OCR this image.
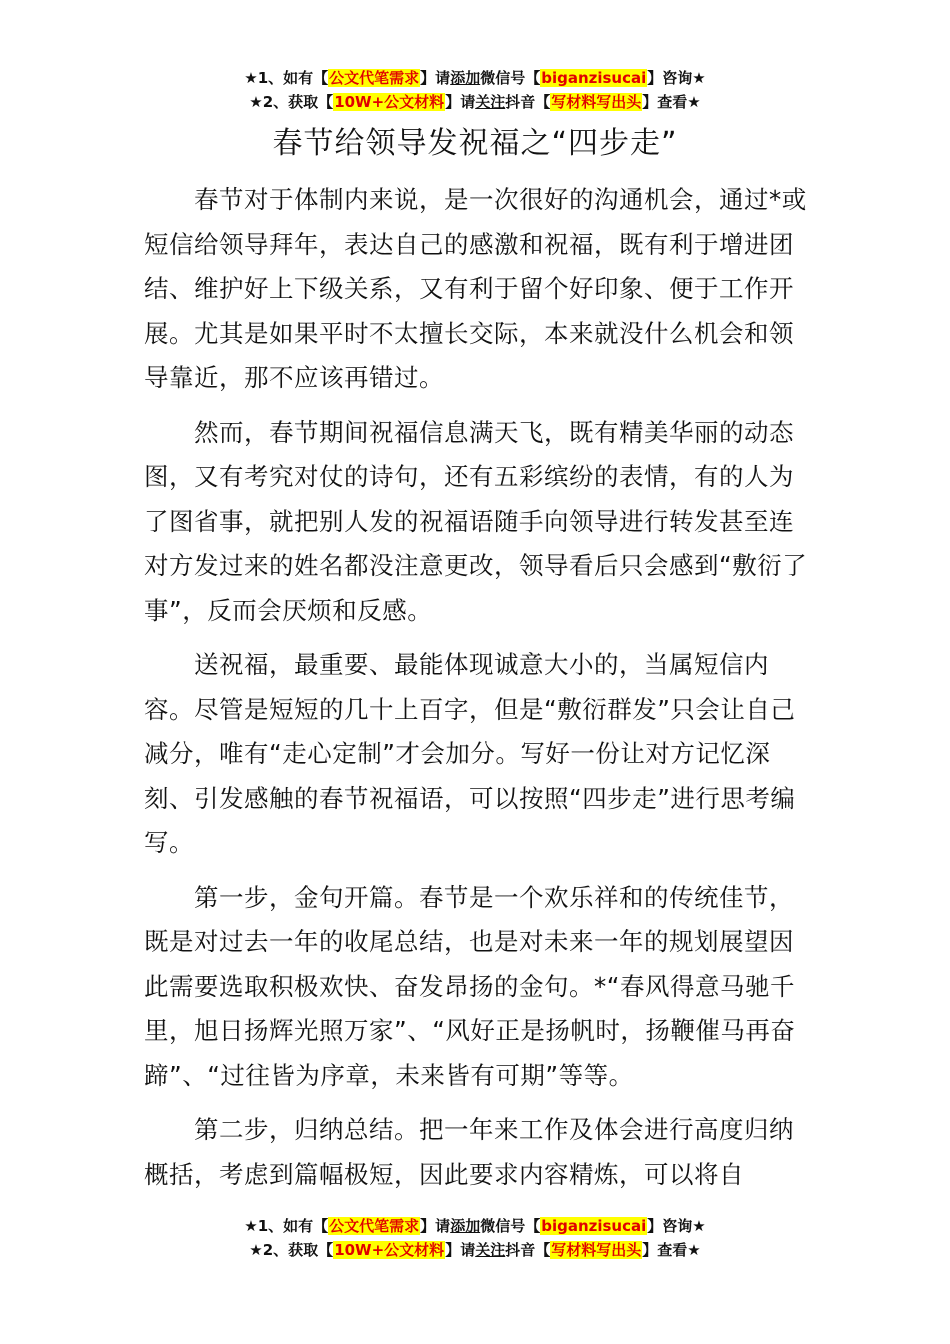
★1、如有【公文代笔需求】请添加微信号【biganzisucai】咨询★
★2、获取【10W+公文材料】请关注抖音【写材料写出头】查看★
春节给领导发祝福之“四步走”

春节对于体制内来说，是一次很好的沟通机会，通过*或短信给领导拜年，表达自己的感激和祝福，既有利于增进团结、维护好上下级关系，又有利于留个好印象、便于工作开展。尤其是如果平时不太擅长交际，本来就没什么机会和领导靠近，那不应该再错过。

然而，春节期间祝福信息满天飞，既有精美华丽的动态图，又有考究对仗的诗句，还有五彩缤纷的表情，有的人为了图省事，就把别人发的祝福语随手向领导进行转发甚至连对方发过来的姓名都没注意更改，领导看后只会感到“敷衍了事”，反而会厌烦和反感。

送祝福，最重要、最能体现诚意大小的，当属短信内容。尽管是短短的几十上百字，但是“敷衍群发”只会让自己减分，唯有“走心定制”才会加分。写好一份让对方记忆深刻、引发感触的春节祝福语，可以按照“四步走”进行思考编写。

第一步，金句开篇。春节是一个欢乐祥和的传统佳节，既是对过去一年的收尾总结，也是对未来一年的规划展望因此需要选取积极欢快、奋发昂扬的金句。*“春风得意马驰千里，旭日扬辉光照万家”、“风好正是扬帆时，扬鞭催马再奋蹄”、“过往皆为序章，未来皆有可期”等等。

第二步，归纳总结。把一年来工作及体会进行高度归纳概括，考虑到篇幅极短，因此要求内容精炼，可以将自

★1、如有【公文代笔需求】请添加微信号【biganzisucai】咨询★
★2、获取【10W+公文材料】请关注抖音【写材料写出头】查看★
